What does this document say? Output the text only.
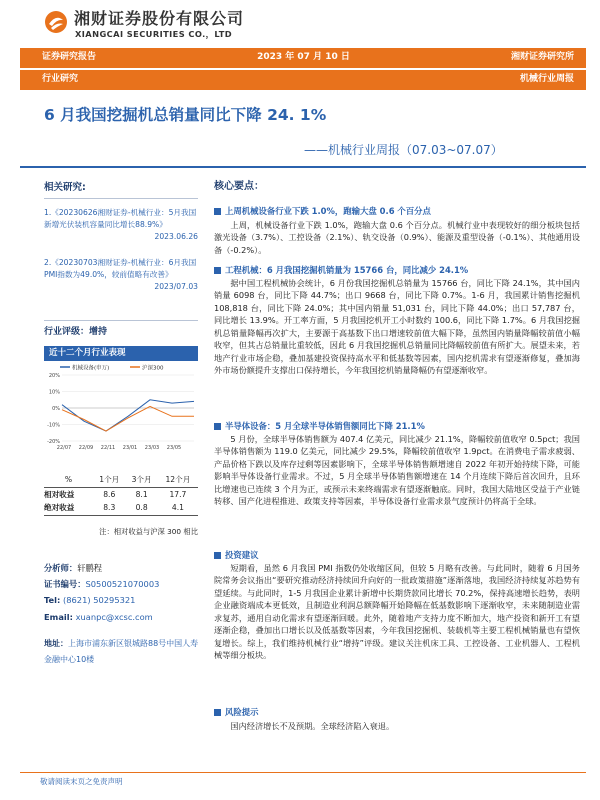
湘财证券股份有限公司
XIANGCAI SECURITIES CO.，LTD
证券研究报告	2023 年 07 月 10 日	湘财证券研究所
行业研究	机械行业周报
6 月我国挖掘机总销量同比下降 24. 1%
——机械行业周报（07.03~07.07）
相关研究:
1.《20230626湘财证券-机械行业：5月我国新增光伏装机容量同比增长88.9%》
2023.06.26
2.《20230703湘财证券-机械行业：6月我国PMI指数为49.0%，较前值略有改善》
2023/07.03
行业评级：增持
近十二个月行业表现
机械设备(申万)	沪深300
20%
10%
0%
-10%
-20%
22/07 22/09 22/11 23/01 23/03 23/05
%	1个月	3个月	12个月
相对收益	8.6	8.1	17.7
绝对收益	8.3	0.8	4.1
注：相对收益与沪深 300 相比
分析师：轩鹏程
证书编号：S0500521070003
Tel: (8621) 50295321
Email: xuanpc@xcsc.com
地址：上海市浦东新区银城路88号中国人寿金融中心10楼
核心要点：
上周机械设备行业下跌 1.0%，跑输大盘 0.6 个百分点
上周，机械设备行业下跌 1.0%，跑输大盘 0.6 个百分点。机械行业中表现较好的细分板块包括激光设备（3.7%）、工控设备（2.1%）、轨交设备（0.9%）、能源及重型设备（-0.1%）、其他通用设备（-0.2%）。
工程机械：6 月我国挖掘机销量为 15766 台，同比减少 24.1%
据中国工程机械协会统计，6 月份我国挖掘机总销量为 15766 台，同比下降 24.1%，其中国内销量 6098 台，同比下降 44.7%；出口 9668 台，同比下降 0.7%。1-6 月，我国累计销售挖掘机 108,818 台，同比下降 24.0%；其中国内销量 51,031 台，同比下降 44.0%；出口 57,787 台，同比增长 13.9%。开工率方面，5 月我国挖机开工小时数约 100.6，同比下降 1.7%。6 月我国挖掘机总销量降幅再次扩大，主要源于高基数下出口增速较前值大幅下降，虽然国内销量降幅较前值小幅收窄，但其占总销量比重较低，因此 6 月我国挖掘机总销量同比降幅较前值有所扩大。展望未来，若地产行业市场企稳，叠加基建投资保持高水平和低基数等因素，国内挖机需求有望逐渐修复，叠加海外市场份额提升支撑出口保持增长，今年我国挖机销量降幅仍有望逐渐收窄。
半导体设备：5 月全球半导体销售额同比下降 21.1%
5 月份，全球半导体销售额为 407.4 亿美元，同比减少 21.1%，降幅较前值收窄 0.5pct；我国半导体销售额为 119.0 亿美元，同比减少 29.5%，降幅较前值收窄 1.9pct。在消费电子需求疲弱、产品价格下跌以及库存过剩等因素影响下，全球半导体销售额增速自 2022 年初开始持续下降，可能影响半导体设备行业需求。不过，5 月全球半导体销售额增速在 14 个月连续下降后首次回升，且环比增速也已连续 3 个月为正，或预示未来终端需求有望逐渐触底。同时，我国大陆地区受益于产业链转移、国产化进程推进、政策支持等因素，半导体设备行业需求景气度预计仍将高于全球。
投资建议
短期看，虽然 6 月我国 PMI 指数仍处收缩区间，但较 5 月略有改善。与此同时，随着 6 月国务院常务会议指出“要研究推动经济持续回升向好的一批政策措施”逐渐落地，我国经济持续复苏趋势有望延续。与此同时，1-5 月我国企业累计新增中长期贷款同比增长 70.2%，保持高速增长趋势，表明企业融资端成本更低效，且制造业利润总额降幅开始降幅在低基数影响下逐渐收窄，未来随制造业需求复苏，通用自动化需求有望逐渐回暖。此外，随着地产支持力度不断加大，地产投资和新开工有望逐渐企稳，叠加出口增长以及低基数等因素，今年我国挖掘机、装载机等主要工程机械销量也有望恢复增长。综上，我们维持机械行业“增持”评级。建议关注机床工具、工控设备、工业机器人、工程机械等细分板块。
风险提示
国内经济增长不及预期。全球经济陷入衰退。
敬请阅读末页之免责声明
